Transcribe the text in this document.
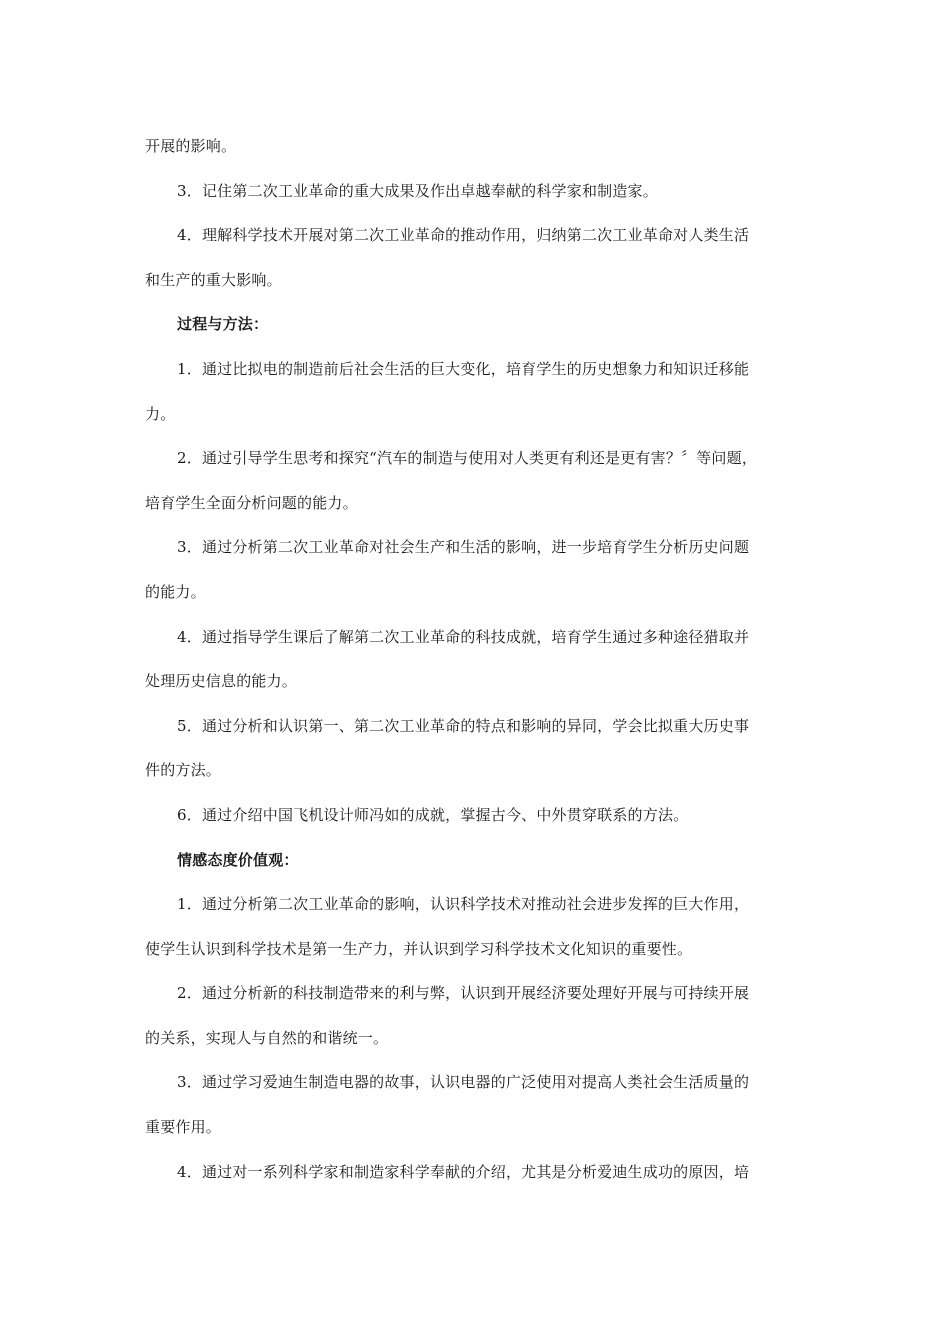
开展的影响。
3．记住第二次工业革命的重大成果及作出卓越奉献的科学家和制造家。
4．理解科学技术开展对第二次工业革命的推动作用，归纳第二次工业革命对人类生活
和生产的重大影响。
过程与方法：
1．通过比拟电的制造前后社会生活的巨大变化，培育学生的历史想象力和知识迁移能
力。
2．通过引导学生思考和探究“汽车的制造与使用对人类更有利还是更有害？〞等问题，
培育学生全面分析问题的能力。
3．通过分析第二次工业革命对社会生产和生活的影响，进一步培育学生分析历史问题
的能力。
4．通过指导学生课后了解第二次工业革命的科技成就，培育学生通过多种途径猎取并
处理历史信息的能力。
5．通过分析和认识第一、第二次工业革命的特点和影响的异同，学会比拟重大历史事
件的方法。
6．通过介绍中国飞机设计师冯如的成就，掌握古今、中外贯穿联系的方法。
情感态度价值观：
1．通过分析第二次工业革命的影响，认识科学技术对推动社会进步发挥的巨大作用，
使学生认识到科学技术是第一生产力，并认识到学习科学技术文化知识的重要性。
2．通过分析新的科技制造带来的利与弊，认识到开展经济要处理好开展与可持续开展
的关系，实现人与自然的和谐统一。
3．通过学习爱迪生制造电器的故事，认识电器的广泛使用对提高人类社会生活质量的
重要作用。
4．通过对一系列科学家和制造家科学奉献的介绍，尤其是分析爱迪生成功的原因，培
